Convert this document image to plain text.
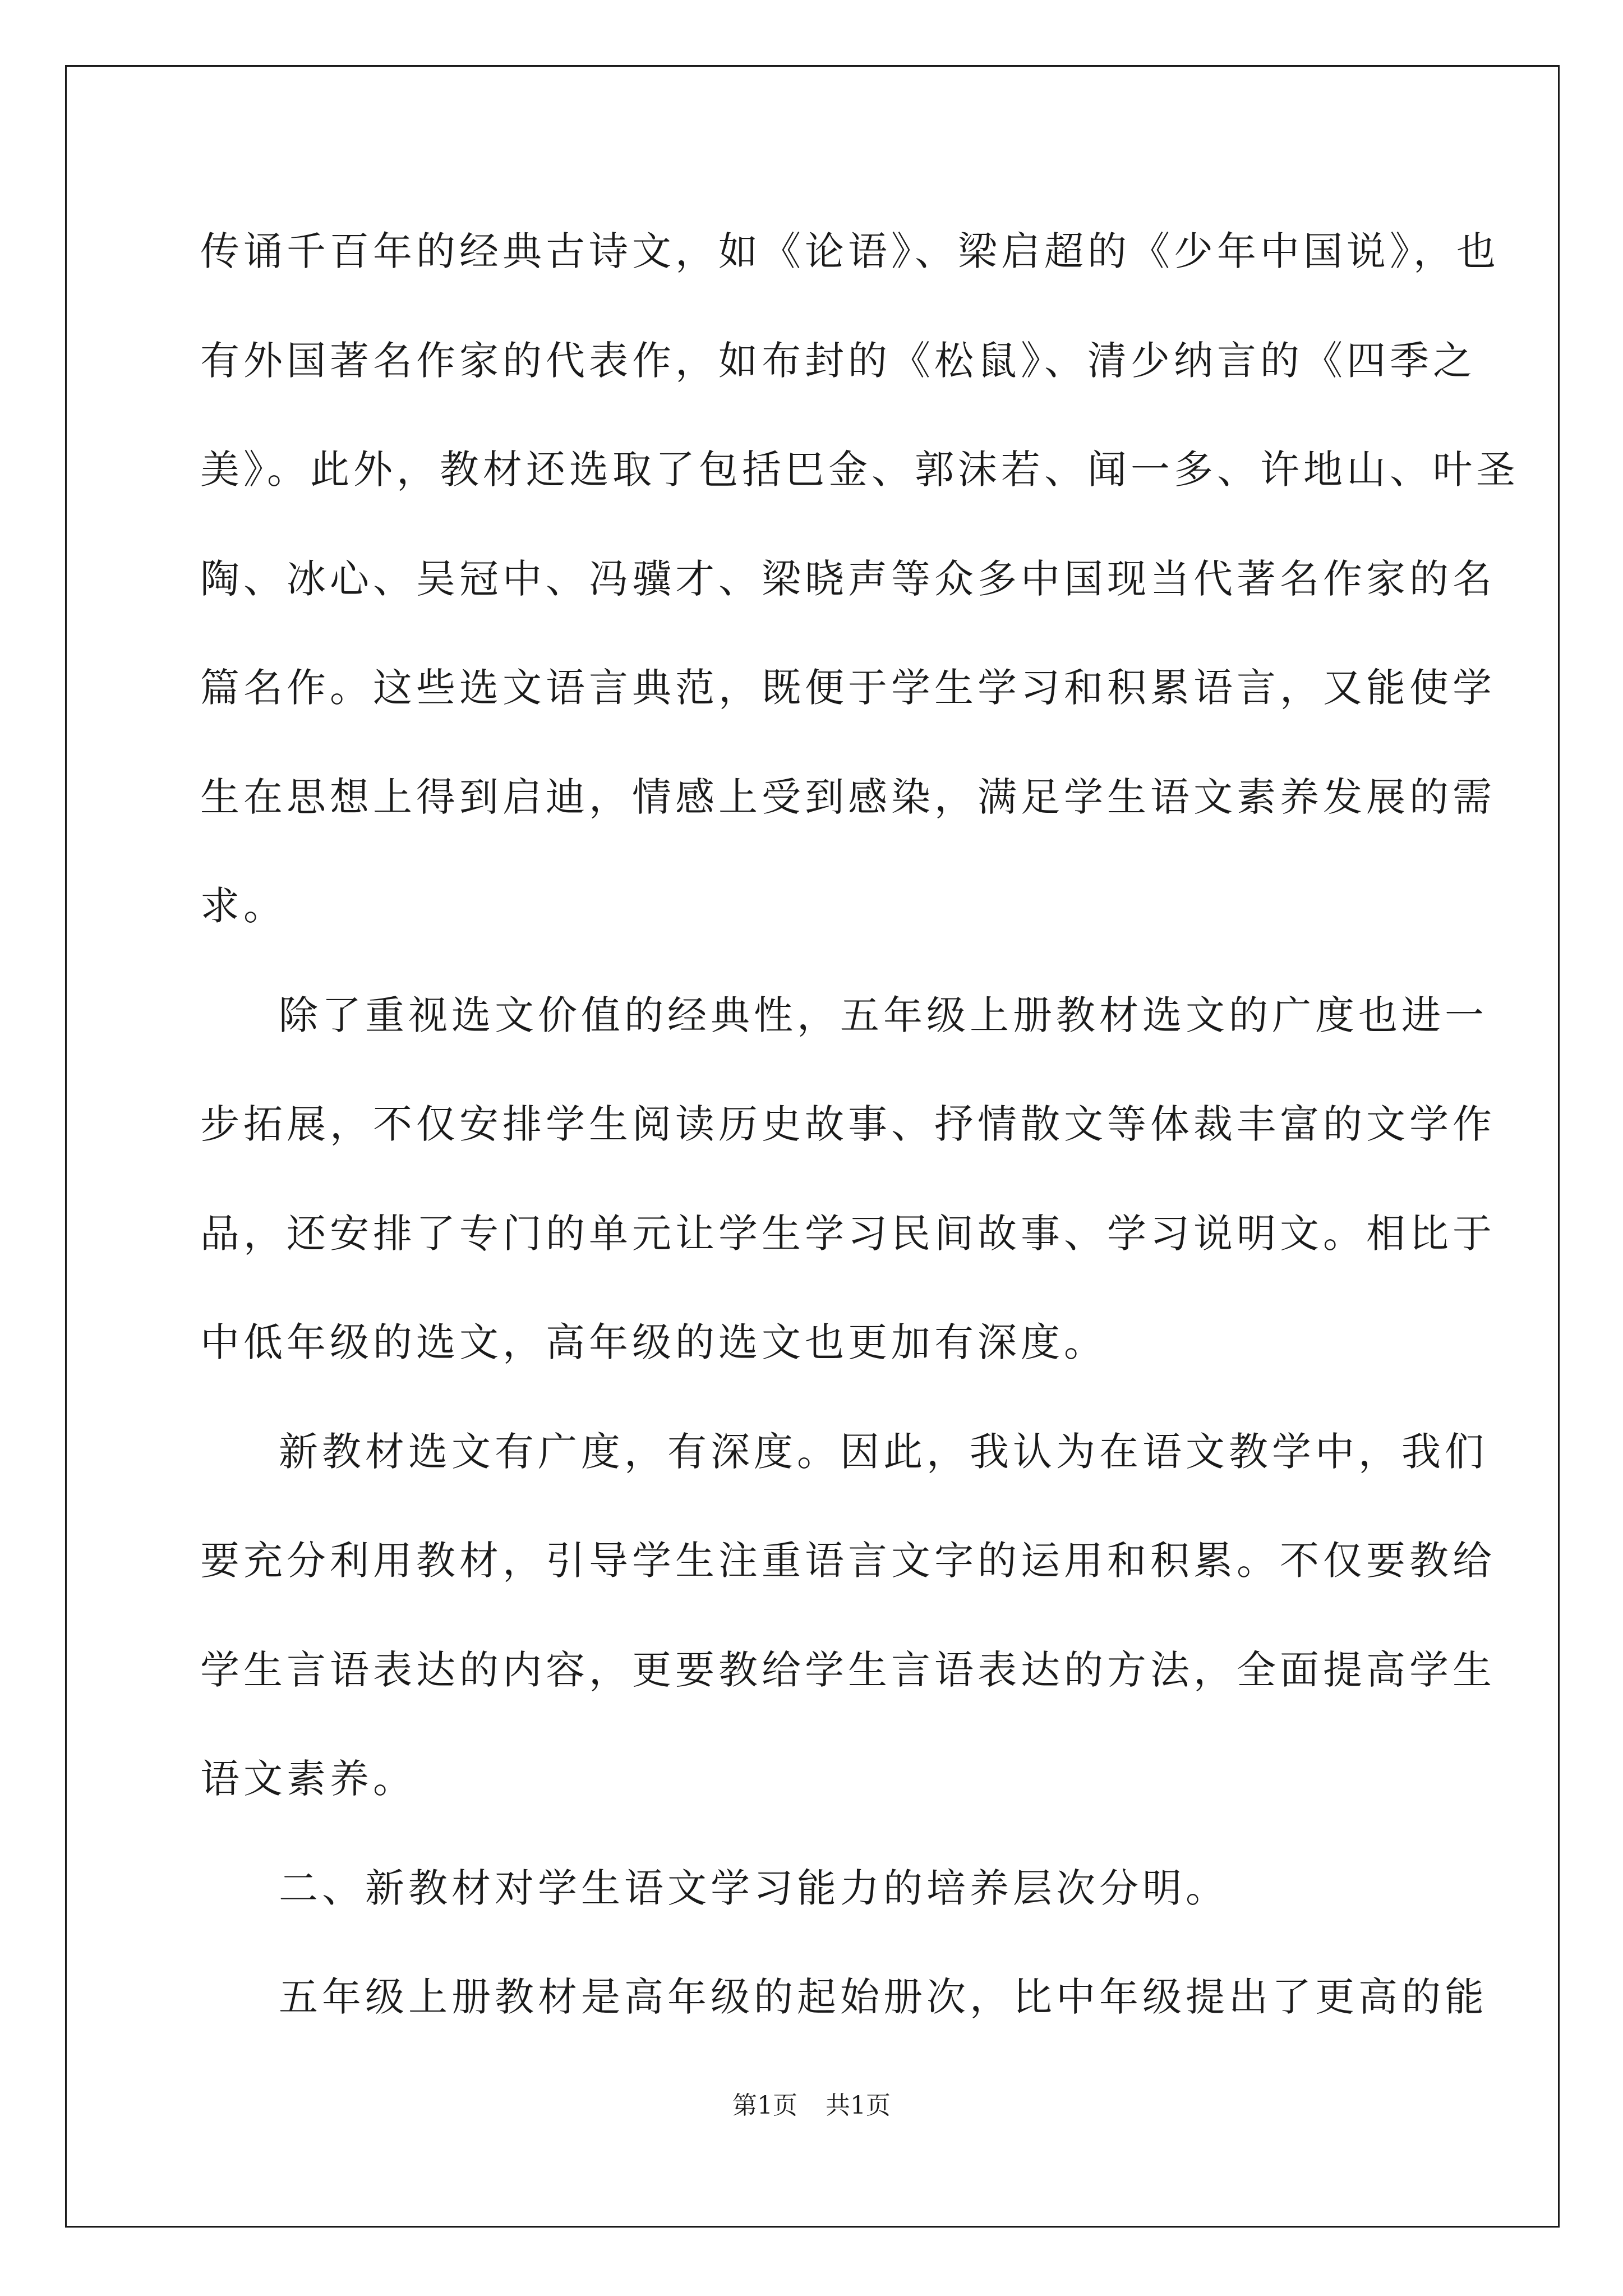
传诵千百年的经典古诗文，如《论语》、梁启超的《少年中国说》，也
有外国著名作家的代表作，如布封的《松鼠》、清少纳言的《四季之
美》。此外，教材还选取了包括巴金、郭沫若、闻一多、许地山、叶圣
陶、冰心、吴冠中、冯骥才、梁晓声等众多中国现当代著名作家的名
篇名作。这些选文语言典范，既便于学生学习和积累语言，又能使学
生在思想上得到启迪，情感上受到感染，满足学生语文素养发展的需
求。
除了重视选文价值的经典性，五年级上册教材选文的广度也进一
步拓展，不仅安排学生阅读历史故事、抒情散文等体裁丰富的文学作
品，还安排了专门的单元让学生学习民间故事、学习说明文。相比于
中低年级的选文，高年级的选文也更加有深度。
新教材选文有广度，有深度。因此，我认为在语文教学中，我们
要充分利用教材，引导学生注重语言文字的运用和积累。不仅要教给
学生言语表达的内容，更要教给学生言语表达的方法，全面提高学生
语文素养。
二、新教材对学生语文学习能力的培养层次分明。
五年级上册教材是高年级的起始册次，比中年级提出了更高的能
第1页 共1页
